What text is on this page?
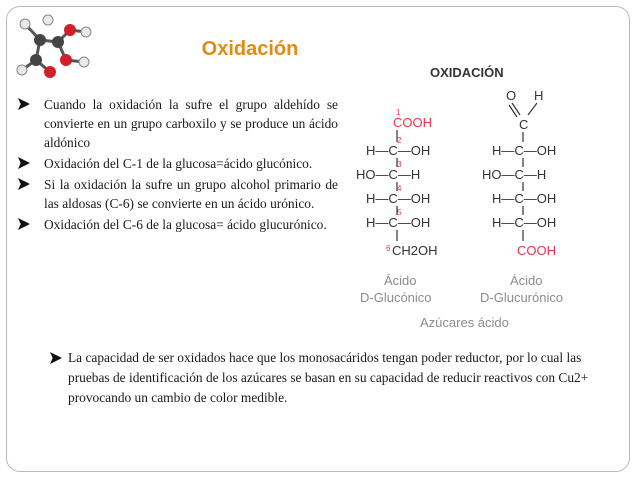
Oxidación
Cuando la oxidación la sufre el grupo aldehído se convierte en un grupo carboxilo y se produce un ácido aldónico
Oxidación del C-1 de la glucosa=ácido glucónico.
Si la oxidación la sufre un grupo alcohol primario de las aldosas (C-6) se convierte en un ácido urónico.
Oxidación del C-6 de la glucosa= ácido glucurónico.
OXIDACIÓN
1
COOH
2
H—C—OH
3
HO—C—H
4
H—C—OH
5
H—C—OH
6 CH2OH
Ácido
D-Glucónico
O H
C
H—C—OH
HO—C—H
H—C—OH
H—C—OH
COOH
Ácido
D-Glucurónico
Azúcares ácido

La capacidad de ser oxidados hace que los monosacáridos tengan poder reductor, por lo cual las pruebas de identificación de los azúcares se basan en su capacidad de reducir reactivos con Cu2+ provocando un cambio de color medible.
